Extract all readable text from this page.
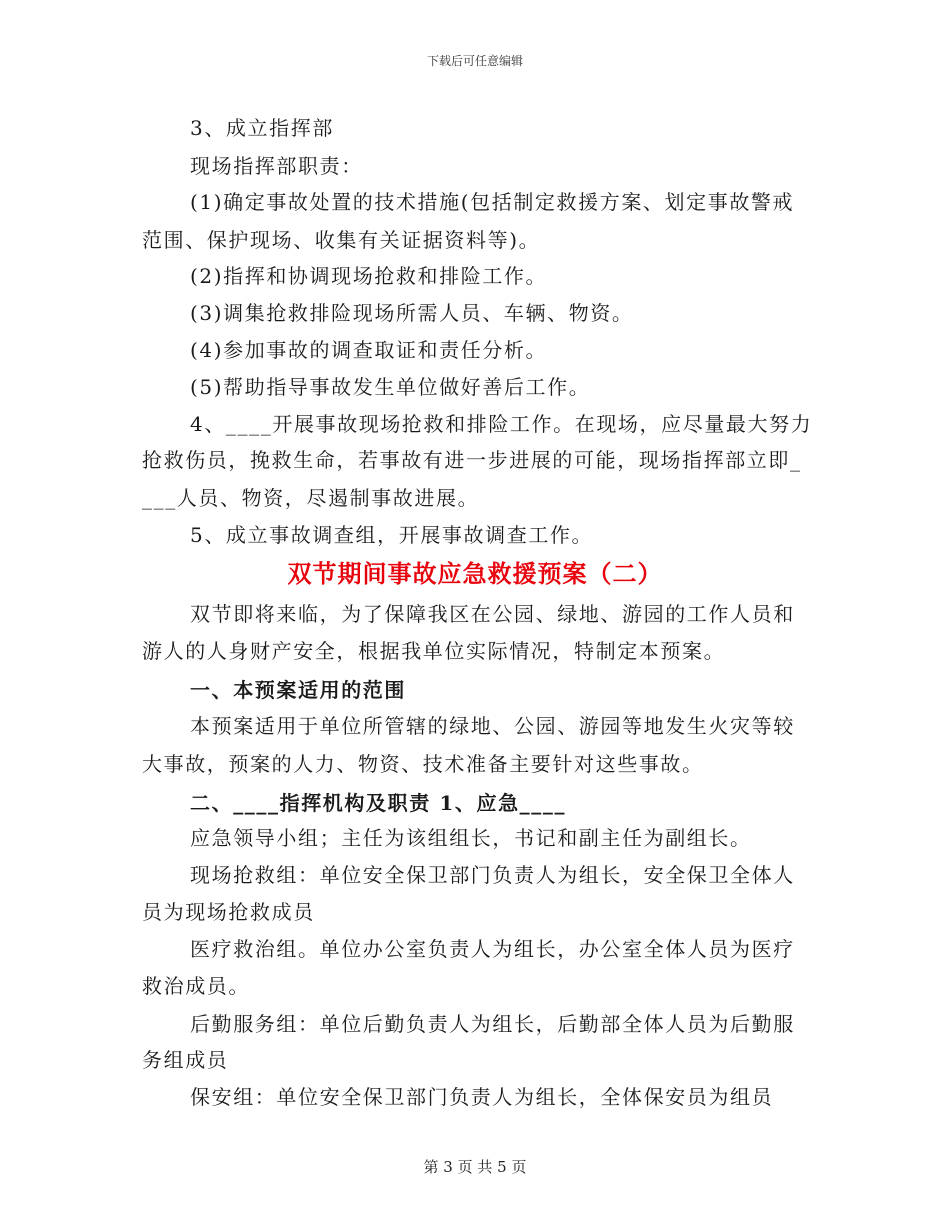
下载后可任意编辑
3、成立指挥部
现场指挥部职责：
(1)确定事故处置的技术措施(包括制定救援方案、划定事故警戒
范围、保护现场、收集有关证据资料等)。
(2)指挥和协调现场抢救和排险工作。
(3)调集抢救排险现场所需人员、车辆、物资。
(4)参加事故的调查取证和责任分析。
(5)帮助指导事故发生单位做好善后工作。
4、____开展事故现场抢救和排险工作。在现场，应尽量最大努力
抢救伤员，挽救生命，若事故有进一步进展的可能，现场指挥部立即_
___人员、物资，尽遏制事故进展。
5、成立事故调查组，开展事故调查工作。
双节期间事故应急救援预案（二）
双节即将来临，为了保障我区在公园、绿地、游园的工作人员和
游人的人身财产安全，根据我单位实际情况，特制定本预案。
一、本预案适用的范围
本预案适用于单位所管辖的绿地、公园、游园等地发生火灾等较
大事故，预案的人力、物资、技术准备主要针对这些事故。
二、____指挥机构及职责 1、应急____
应急领导小组；主任为该组组长，书记和副主任为副组长。
现场抢救组：单位安全保卫部门负责人为组长，安全保卫全体人
员为现场抢救成员
医疗救治组。单位办公室负责人为组长，办公室全体人员为医疗
救治成员。
后勤服务组：单位后勤负责人为组长，后勤部全体人员为后勤服
务组成员
保安组：单位安全保卫部门负责人为组长，全体保安员为组员
第 3 页 共 5 页
